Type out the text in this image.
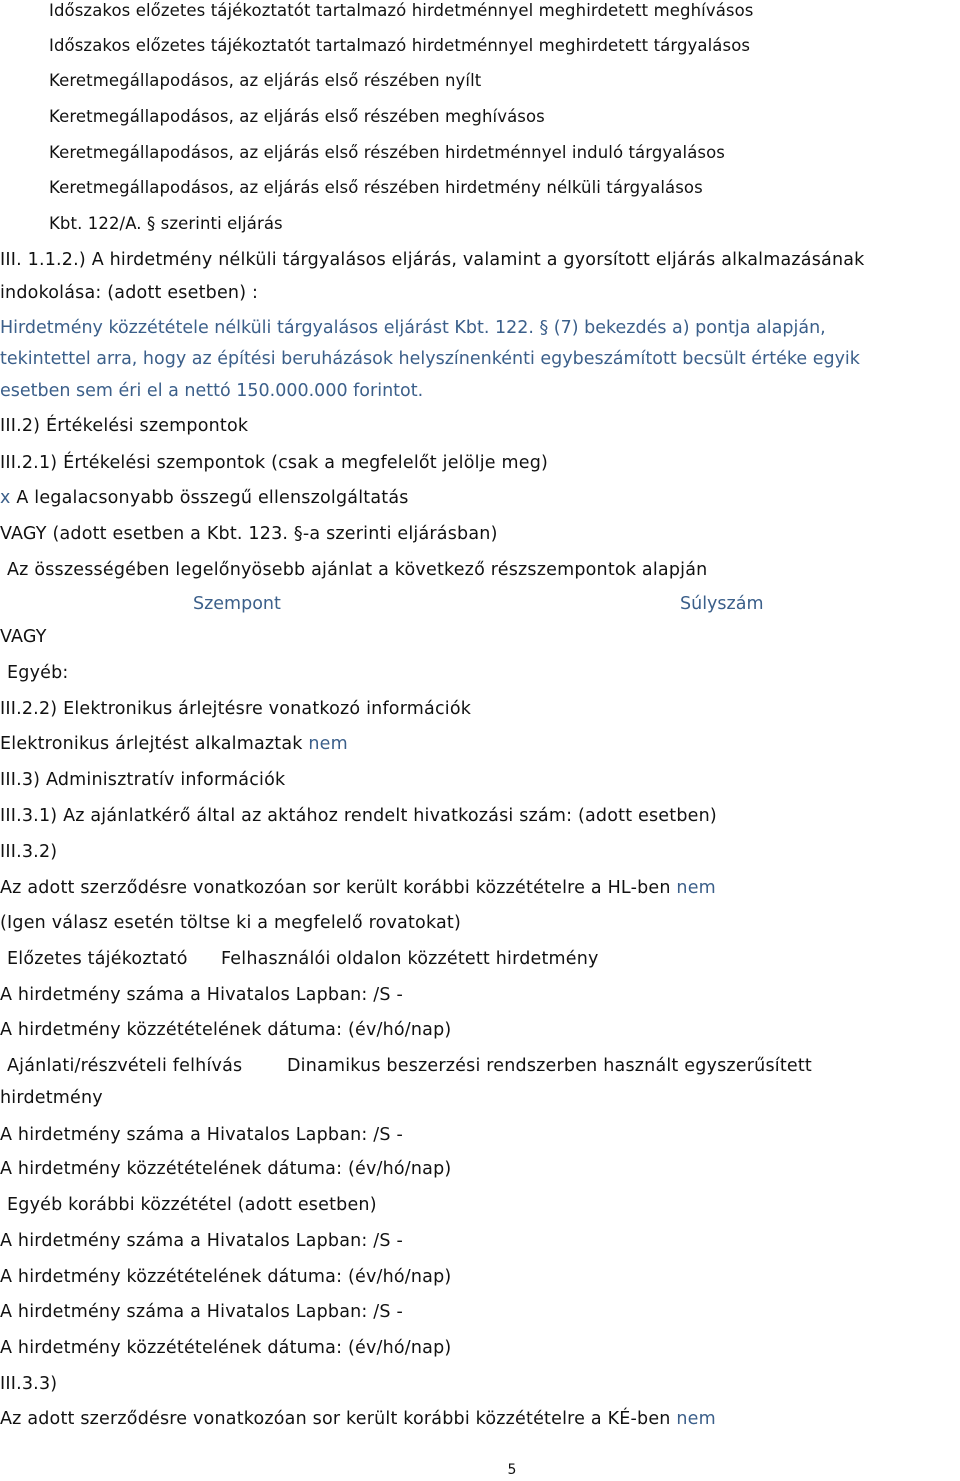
Időszakos előzetes tájékoztatót tartalmazó hirdetménnyel meghirdetett meghívásos
Időszakos előzetes tájékoztatót tartalmazó hirdetménnyel meghirdetett tárgyalásos
Keretmegállapodásos, az eljárás első részében nyílt
Keretmegállapodásos, az eljárás első részében meghívásos
Keretmegállapodásos, az eljárás első részében hirdetménnyel induló tárgyalásos
Keretmegállapodásos, az eljárás első részében hirdetmény nélküli tárgyalásos
Kbt. 122/A. § szerinti eljárás
III. 1.1.2.) A hirdetmény nélküli tárgyalásos eljárás, valamint a gyorsított eljárás alkalmazásának
indokolása: (adott esetben) :
Hirdetmény közzététele nélküli tárgyalásos eljárást Kbt. 122. § (7) bekezdés a) pontja alapján,
tekintettel arra, hogy az építési beruházások helyszínenkénti egybeszámított becsült értéke egyik
esetben sem éri el a nettó 150.000.000 forintot.
III.2) Értékelési szempontok
III.2.1) Értékelési szempontok (csak a megfelelőt jelölje meg)
x A legalacsonyabb összegű ellenszolgáltatás
VAGY (adott esetben a Kbt. 123. §-a szerinti eljárásban)
Az összességében legelőnyösebb ajánlat a következő részszempontok alapján
Szempont	Súlyszám
VAGY
Egyéb:
III.2.2) Elektronikus árlejtésre vonatkozó információk
Elektronikus árlejtést alkalmaztak nem
III.3) Adminisztratív információk
III.3.1) Az ajánlatkérő által az aktához rendelt hivatkozási szám: (adott esetben)
III.3.2)
Az adott szerződésre vonatkozóan sor került korábbi közzétételre a HL-ben nem
(Igen válasz esetén töltse ki a megfelelő rovatokat)
Előzetes tájékoztató Felhasználói oldalon közzétett hirdetmény
A hirdetmény száma a Hivatalos Lapban: /S -
A hirdetmény közzétételének dátuma: (év/hó/nap)
Ajánlati/részvételi felhívás	Dinamikus beszerzési rendszerben használt egyszerűsített
hirdetmény
A hirdetmény száma a Hivatalos Lapban: /S -
A hirdetmény közzétételének dátuma: (év/hó/nap)
Egyéb korábbi közzététel (adott esetben)
A hirdetmény száma a Hivatalos Lapban: /S -
A hirdetmény közzétételének dátuma: (év/hó/nap)
A hirdetmény száma a Hivatalos Lapban: /S -
A hirdetmény közzétételének dátuma: (év/hó/nap)
III.3.3)
Az adott szerződésre vonatkozóan sor került korábbi közzétételre a KÉ-ben nem
5
